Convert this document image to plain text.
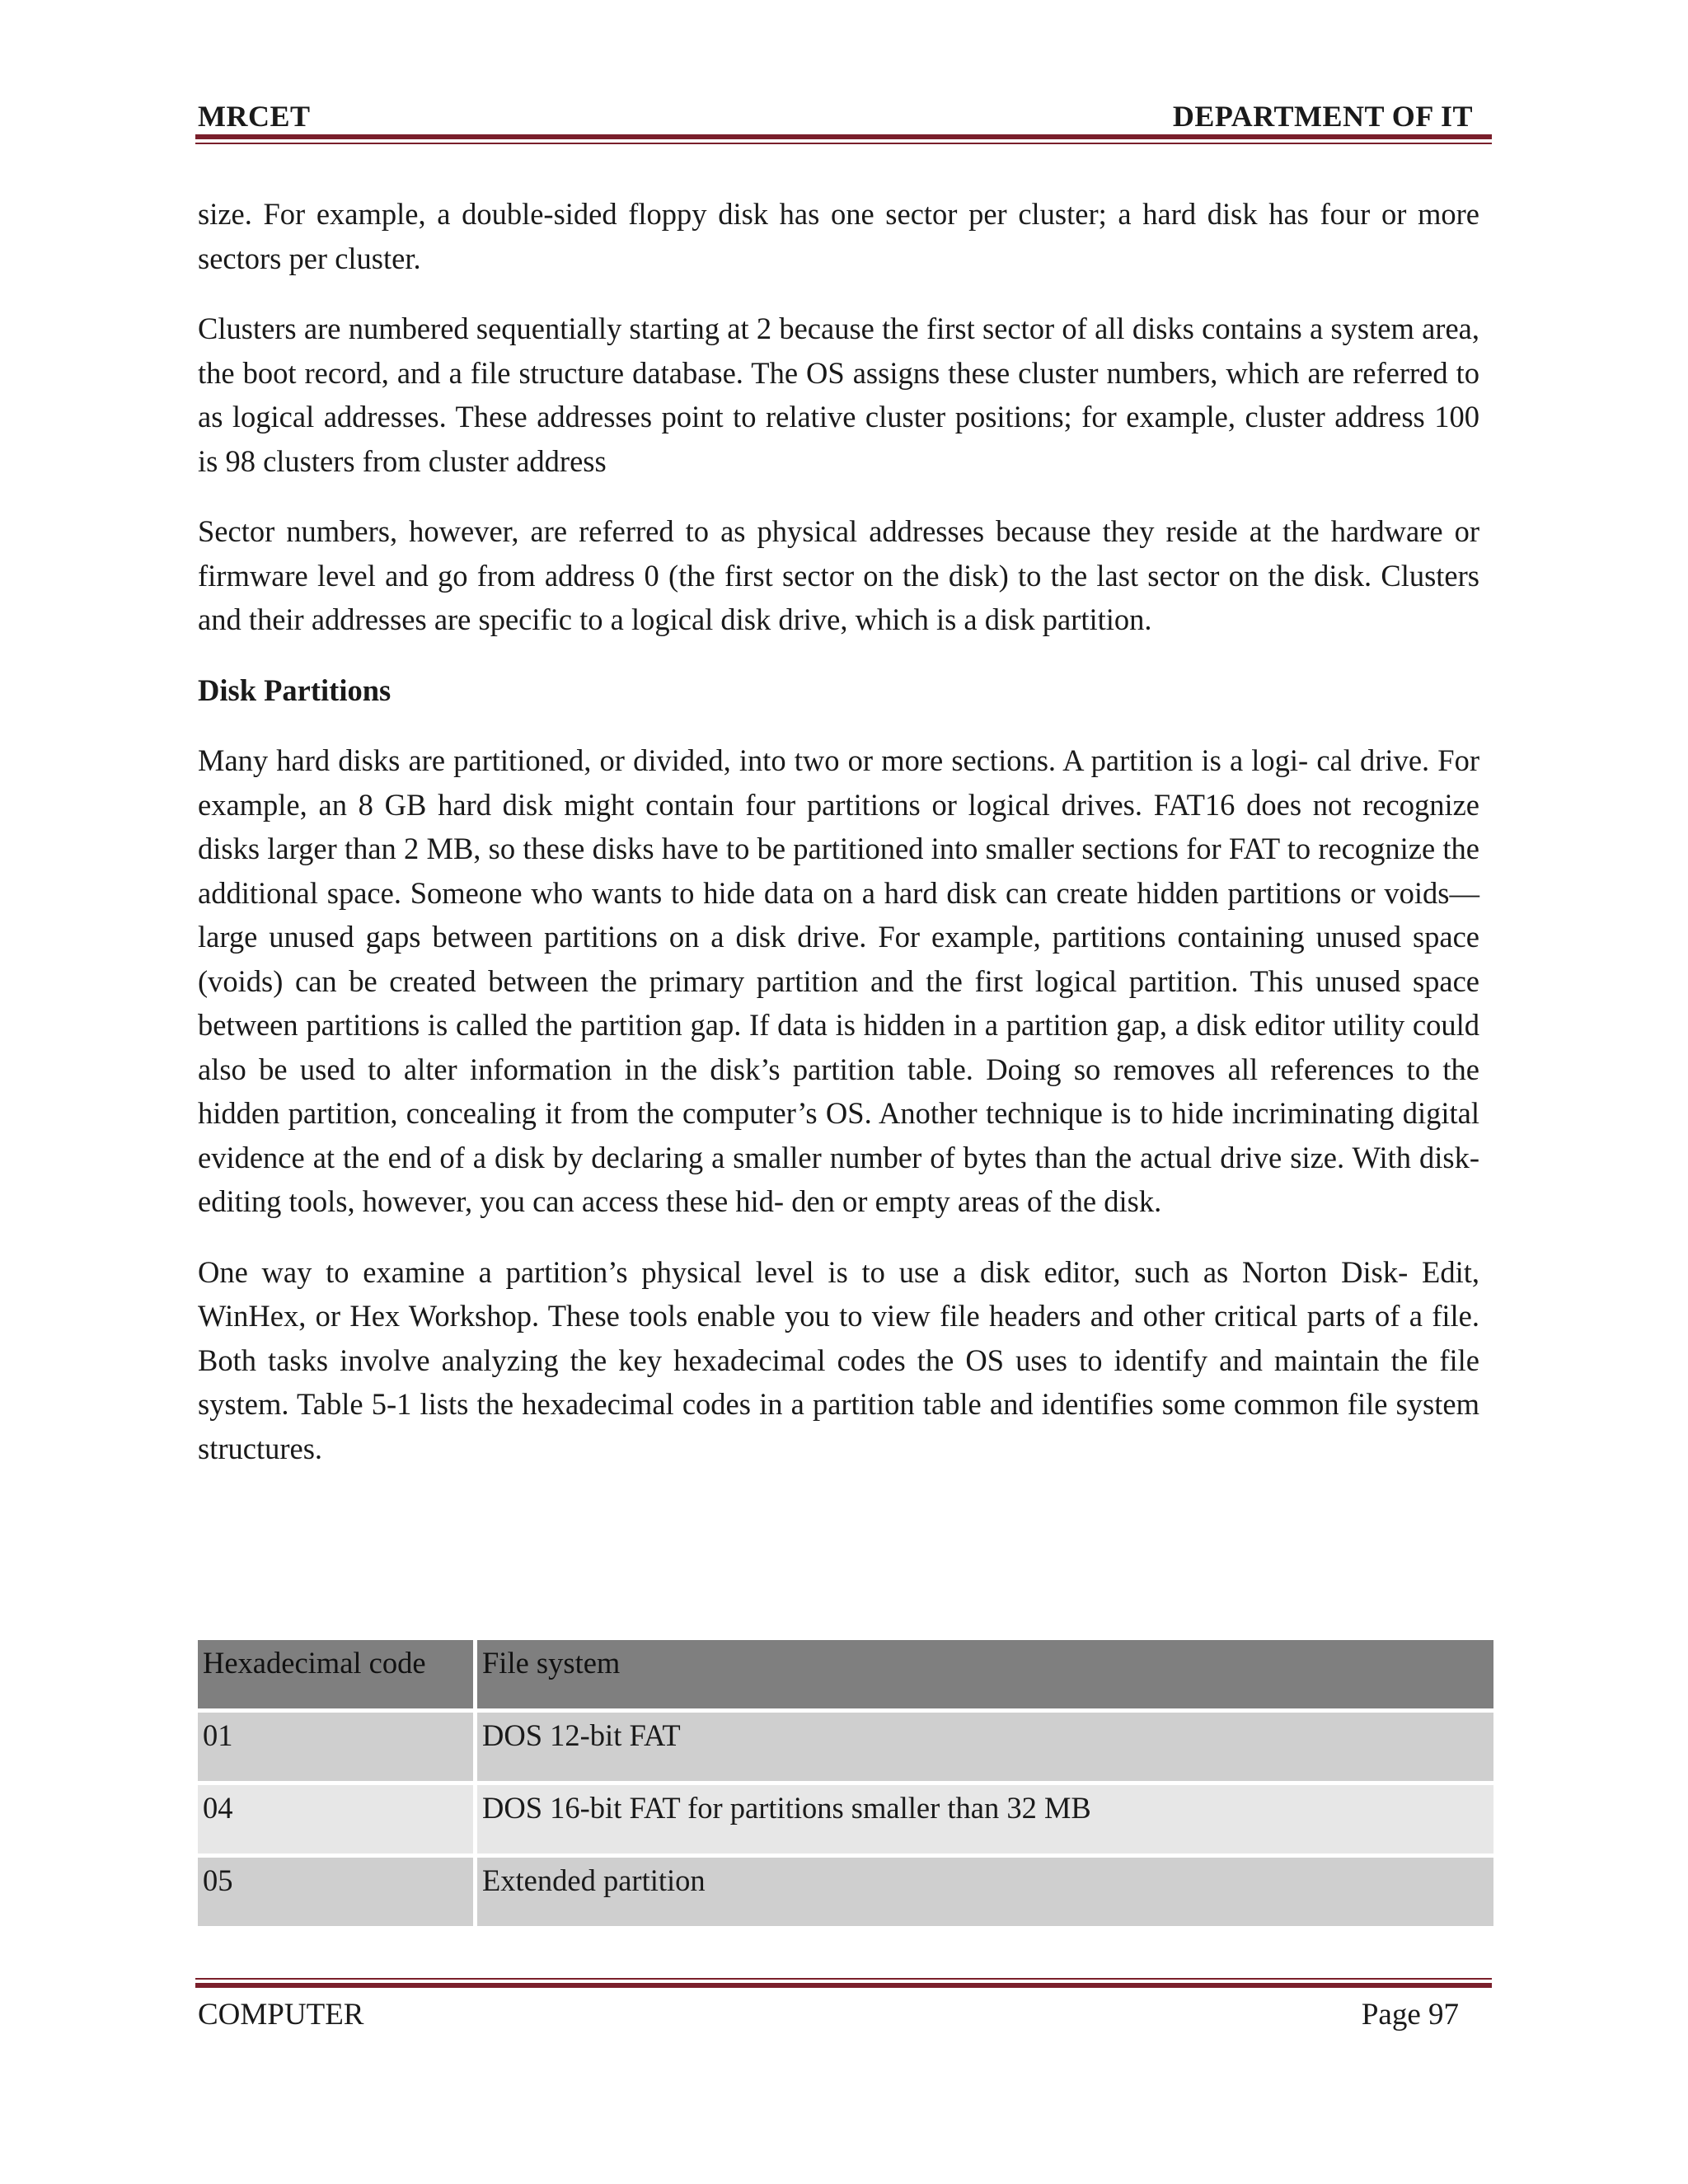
MRCET	DEPARTMENT OF IT

size. For example, a double-sided floppy disk has one sector per cluster; a hard disk has four or more sectors per cluster.

Clusters are numbered sequentially starting at 2 because the first sector of all disks contains a system area, the boot record, and a file structure database. The OS assigns these cluster numbers, which are referred to as logical addresses. These addresses point to relative cluster positions; for example, cluster address 100 is 98 clusters from cluster address

Sector numbers, however, are referred to as physical addresses because they reside at the hardware or firmware level and go from address 0 (the first sector on the disk) to the last sector on the disk. Clusters and their addresses are specific to a logical disk drive, which is a disk partition.

Disk Partitions

Many hard disks are partitioned, or divided, into two or more sections. A partition is a logi- cal drive. For example, an 8 GB hard disk might contain four partitions or logical drives. FAT16 does not recognize disks larger than 2 MB, so these disks have to be partitioned into smaller sections for FAT to recognize the additional space. Someone who wants to hide data on a hard disk can create hidden partitions or voids—large unused gaps between partitions on a disk drive. For example, partitions containing unused space (voids) can be created between the primary partition and the first logical partition. This unused space between partitions is called the partition gap. If data is hidden in a partition gap, a disk editor utility could also be used to alter information in the disk’s partition table. Doing so removes all references to the hidden partition, concealing it from the computer’s OS. Another technique is to hide incriminating digital evidence at the end of a disk by declaring a smaller number of bytes than the actual drive size. With disk-editing tools, however, you can access these hid- den or empty areas of the disk.

One way to examine a partition’s physical level is to use a disk editor, such as Norton Disk- Edit, WinHex, or Hex Workshop. These tools enable you to view file headers and other critical parts of a file. Both tasks involve analyzing the key hexadecimal codes the OS uses to identify and maintain the file system. Table 5-1 lists the hexadecimal codes in a partition table and identifies some common file system structures.

Hexadecimal code	File system
01	DOS 12-bit FAT
04	DOS 16-bit FAT for partitions smaller than 32 MB
05	Extended partition
COMPUTER	Page 97
